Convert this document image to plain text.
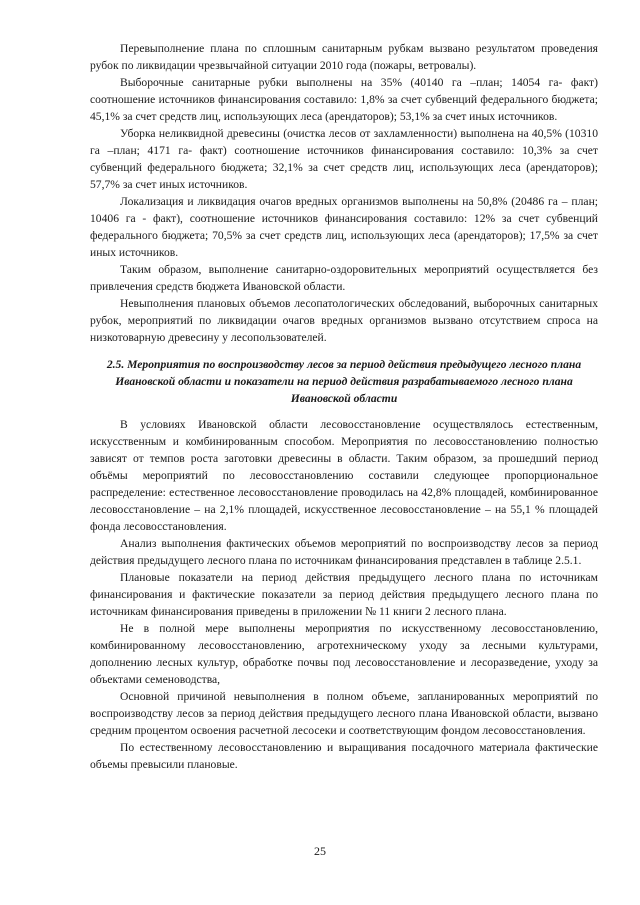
Перевыполнение плана по сплошным санитарным рубкам вызвано результатом проведения рубок по ликвидации чрезвычайной ситуации 2010 года (пожары, ветровалы).

Выборочные санитарные рубки выполнены на 35% (40140 га –план; 14054 га- факт) соотношение источников финансирования составило: 1,8% за счет субвенций федерального бюджета; 45,1% за счет средств лиц, использующих леса (арендаторов); 53,1% за счет иных источников.

Уборка неликвидной древесины (очистка лесов от захламленности) выполнена на 40,5% (10310 га –план; 4171 га- факт) соотношение источников финансирования составило: 10,3% за счет субвенций федерального бюджета; 32,1% за счет средств лиц, использующих леса (арендаторов); 57,7% за счет иных источников.

Локализация и ликвидация очагов вредных организмов выполнены на 50,8% (20486 га – план; 10406 га - факт), соотношение источников финансирования составило: 12% за счет субвенций федерального бюджета; 70,5% за счет средств лиц, использующих леса (арендаторов); 17,5% за счет иных источников.

Таким образом, выполнение санитарно-оздоровительных мероприятий осуществляется без привлечения средств бюджета Ивановской области.

Невыполнения плановых объемов лесопатологических обследований, выборочных санитарных рубок, мероприятий по ликвидации очагов вредных организмов вызвано отсутствием спроса на низкотоварную древесину у лесопользователей.

2.5. Мероприятия по воспроизводству лесов за период действия предыдущего лесного плана Ивановской области и показатели на период действия разрабатываемого лесного плана Ивановской области

В условиях Ивановской области лесовосстановление осуществлялось естественным, искусственным и комбинированным способом. Мероприятия по лесовосстановлению полностью зависят от темпов роста заготовки древесины в области. Таким образом, за прошедший период объёмы мероприятий по лесовосстановлению составили следующее пропорциональное распределение: естественное лесовосстановление проводилась на 42,8% площадей, комбинированное лесовосстановление – на 2,1% площадей, искусственное лесовосстановление – на 55,1 % площадей фонда лесовосстановления.

Анализ выполнения фактических объемов мероприятий по воспроизводству лесов за период действия предыдущего лесного плана по источникам финансирования представлен в таблице 2.5.1.

Плановые показатели на период действия предыдущего лесного плана по источникам финансирования и фактические показатели за период действия предыдущего лесного плана по источникам финансирования приведены в приложении № 11 книги 2 лесного плана.

Не в полной мере выполнены мероприятия по искусственному лесовосстановлению, комбинированному лесовосстановлению, агротехническому уходу за лесными культурами, дополнению лесных культур, обработке почвы под лесовосстановление и лесоразведение, уходу за объектами семеноводства,

Основной причиной невыполнения в полном объеме, запланированных мероприятий по воспроизводству лесов за период действия предыдущего лесного плана Ивановской области, вызвано средним процентом освоения расчетной лесосеки и соответствующим фондом лесовосстановления.

По естественному лесовосстановлению и выращивания посадочного материала фактические объемы превысили плановые.

25
